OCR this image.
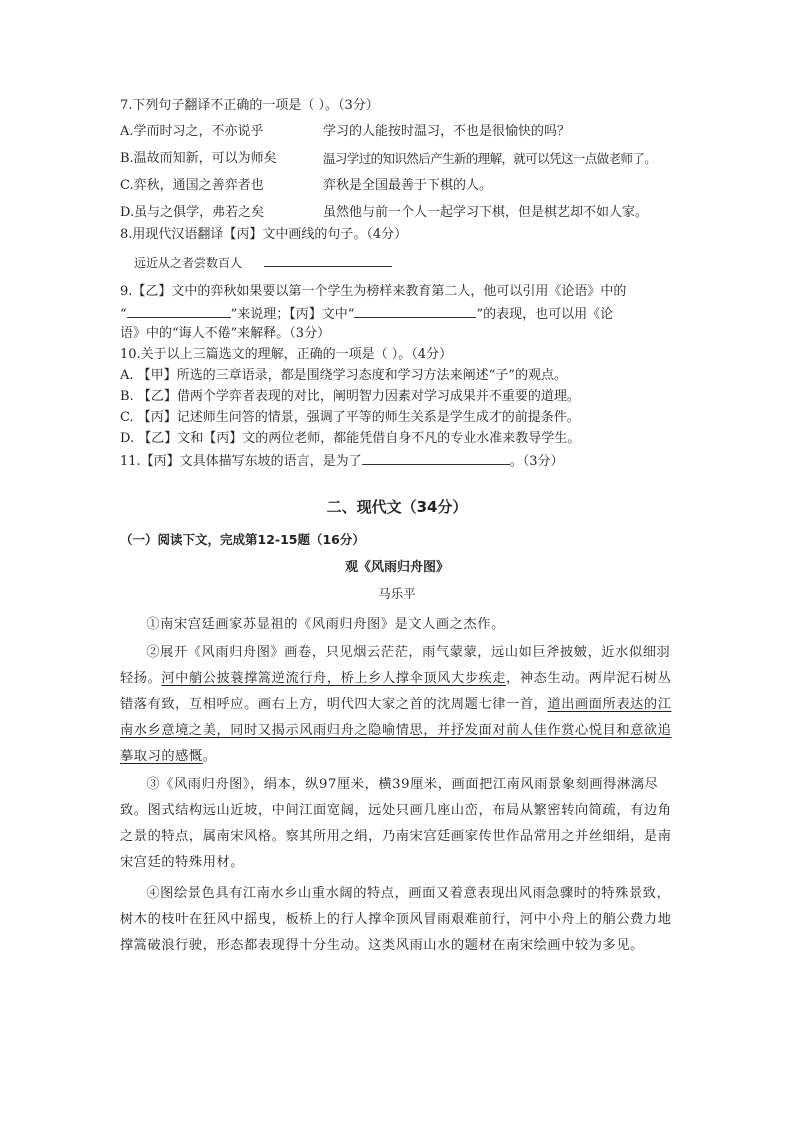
7.下列句子翻译不正确的一项是（ ）。（3分）
A.学而时习之，不亦说乎	学习的人能按时温习，不也是很愉快的吗？
B.温故而知新，可以为师矣	温习学过的知识然后产生新的理解，就可以凭这一点做老师了。
C.弈秋，通国之善弈者也	弈秋是全国最善于下棋的人。
D.虽与之俱学，弗若之矣	虽然他与前一个人一起学习下棋，但是棋艺却不如人家。
8.用现代汉语翻译【丙】文中画线的句子。（4分）
远近从之者尝数百人
9.【乙】文中的弈秋如果要以第一个学生为榜样来教育第二人，他可以引用《论语》中的
“	”来说理；【丙】文中“	”的表现，也可以用《论
语》中的“诲人不倦”来解释。（3分）
10.关于以上三篇选文的理解，正确的一项是（ ）。（4分）
A. 【甲】所选的三章语录，都是围绕学习态度和学习方法来阐述“子”的观点。
B. 【乙】借两个学弈者表现的对比，阐明智力因素对学习成果并不重要的道理。
C. 【丙】记述师生问答的情景，强调了平等的师生关系是学生成才的前提条件。
D. 【乙】文和【丙】文的两位老师，都能凭借自身不凡的专业水准来教导学生。
11.【丙】文具体描写东坡的语言，是为了	。（3分）
二、现代文（34分）
（一）阅读下文，完成第12-15题（16分）
观《风雨归舟图》
马乐平
①南宋宫廷画家苏显祖的《风雨归舟图》是文人画之杰作。
②展开《风雨归舟图》画卷，只见烟云茫茫，雨气蒙蒙，远山如巨斧披皴，近水似细羽轻扬。河中艄公披蓑撑篙逆流行舟，桥上乡人撑伞顶风大步疾走，神态生动。两岸泥石树丛错落有致，互相呼应。画右上方，明代四大家之首的沈周题七律一首，道出画面所表达的江南水乡意境之美，同时又揭示风雨归舟之隐喻情思，并抒发面对前人佳作赏心悦目和意欲追摹取习的感慨。
③《风雨归舟图》，绢本，纵97厘米，横39厘米，画面把江南风雨景象刻画得淋漓尽致。图式结构远山近坡，中间江面宽阔，远处只画几座山峦，布局从繁密转向简疏，有边角之景的特点，属南宋风格。察其所用之绢，乃南宋宫廷画家传世作品常用之并丝细绢，是南宋宫廷的特殊用材。
④图绘景色具有江南水乡山重水阔的特点，画面又着意表现出风雨急骤时的特殊景致，树木的枝叶在狂风中摇曳，板桥上的行人撑伞顶风冒雨艰难前行，河中小舟上的艄公费力地撑篙破浪行驶，形态都表现得十分生动。这类风雨山水的题材在南宋绘画中较为多见。
